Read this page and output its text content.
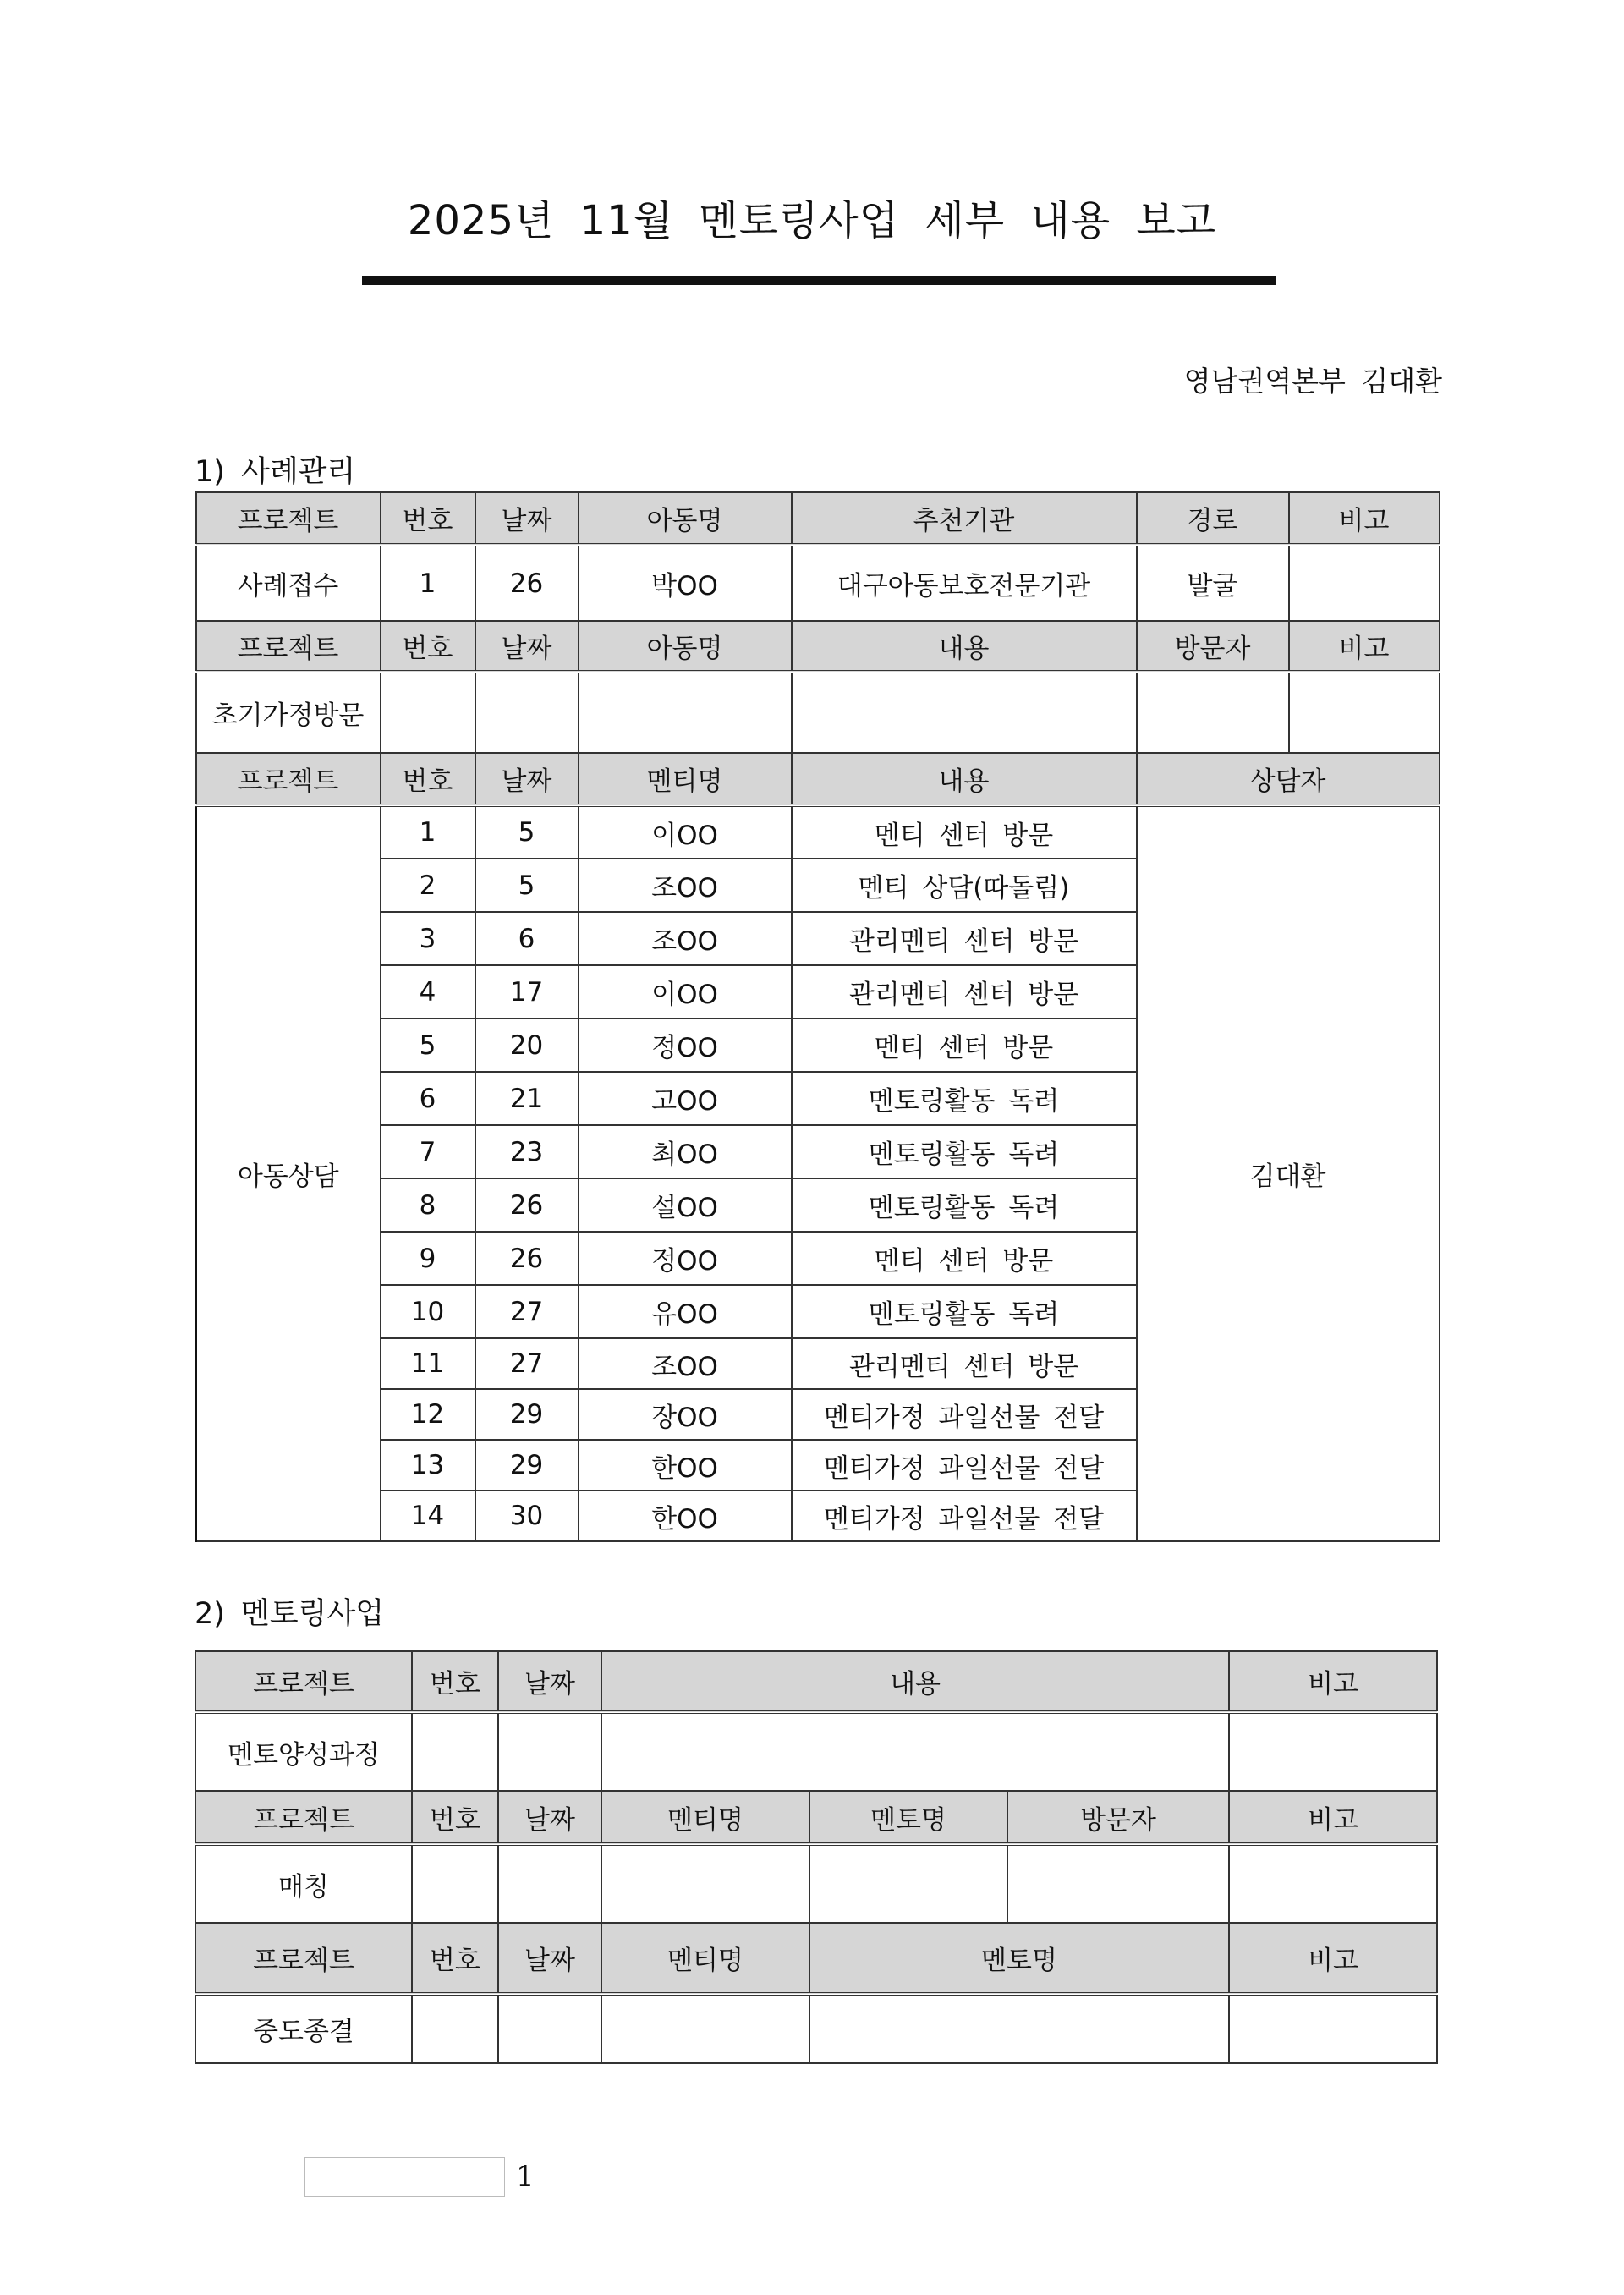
2025년 11월 멘토링사업 세부 내용 보고
영남권역본부 김대환
1) 사례관리
프로젝트	번호	날짜	아동명	추천기관	경로	비고
사례접수	1	26	박OO	대구아동보호전문기관	발굴	
프로젝트	번호	날짜	아동명	내용	방문자	비고
초기가정방문						
프로젝트	번호	날짜	멘티명	내용	상담자	
아동상담	1	5	이OO	멘티 센터 방문	김대환	
	2	5	조OO	멘티 상담(따돌림)		
	3	6	조OO	관리멘티 센터 방문		
	4	17	이OO	관리멘티 센터 방문		
	5	20	정OO	멘티 센터 방문		
	6	21	고OO	멘토링활동 독려		
	7	23	최OO	멘토링활동 독려		
	8	26	설OO	멘토링활동 독려		
	9	26	정OO	멘티 센터 방문		
	10	27	유OO	멘토링활동 독려		
	11	27	조OO	관리멘티 센터 방문		
	12	29	장OO	멘티가정 과일선물 전달		
	13	29	한OO	멘티가정 과일선물 전달		
	14	30	한OO	멘티가정 과일선물 전달		
2) 멘토링사업
프로젝트	번호	날짜	내용			비고
멘토양성과정						
프로젝트	번호	날짜	멘티명	멘토명	방문자	비고
매칭						
프로젝트	번호	날짜	멘티명	멘토명		비고
중도종결						
1
